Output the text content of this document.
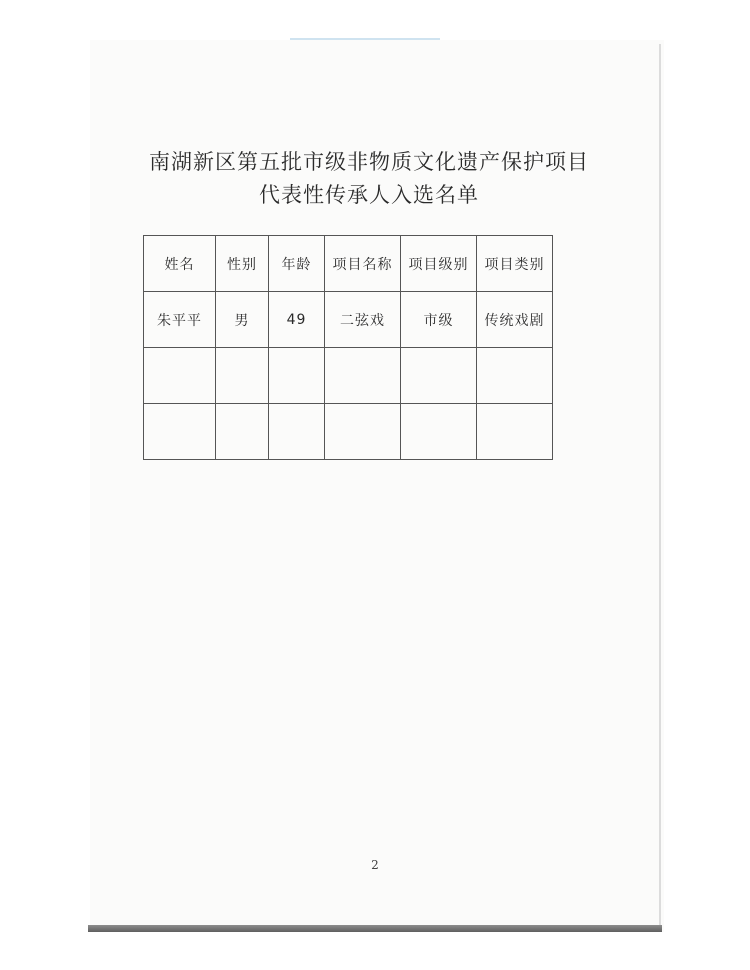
南湖新区第五批市级非物质文化遗产保护项目
代表性传承人入选名单
姓名	性别	年龄	项目名称	项目级别	项目类别
朱平平	男	49	二弦戏	市级	传统戏剧

2
